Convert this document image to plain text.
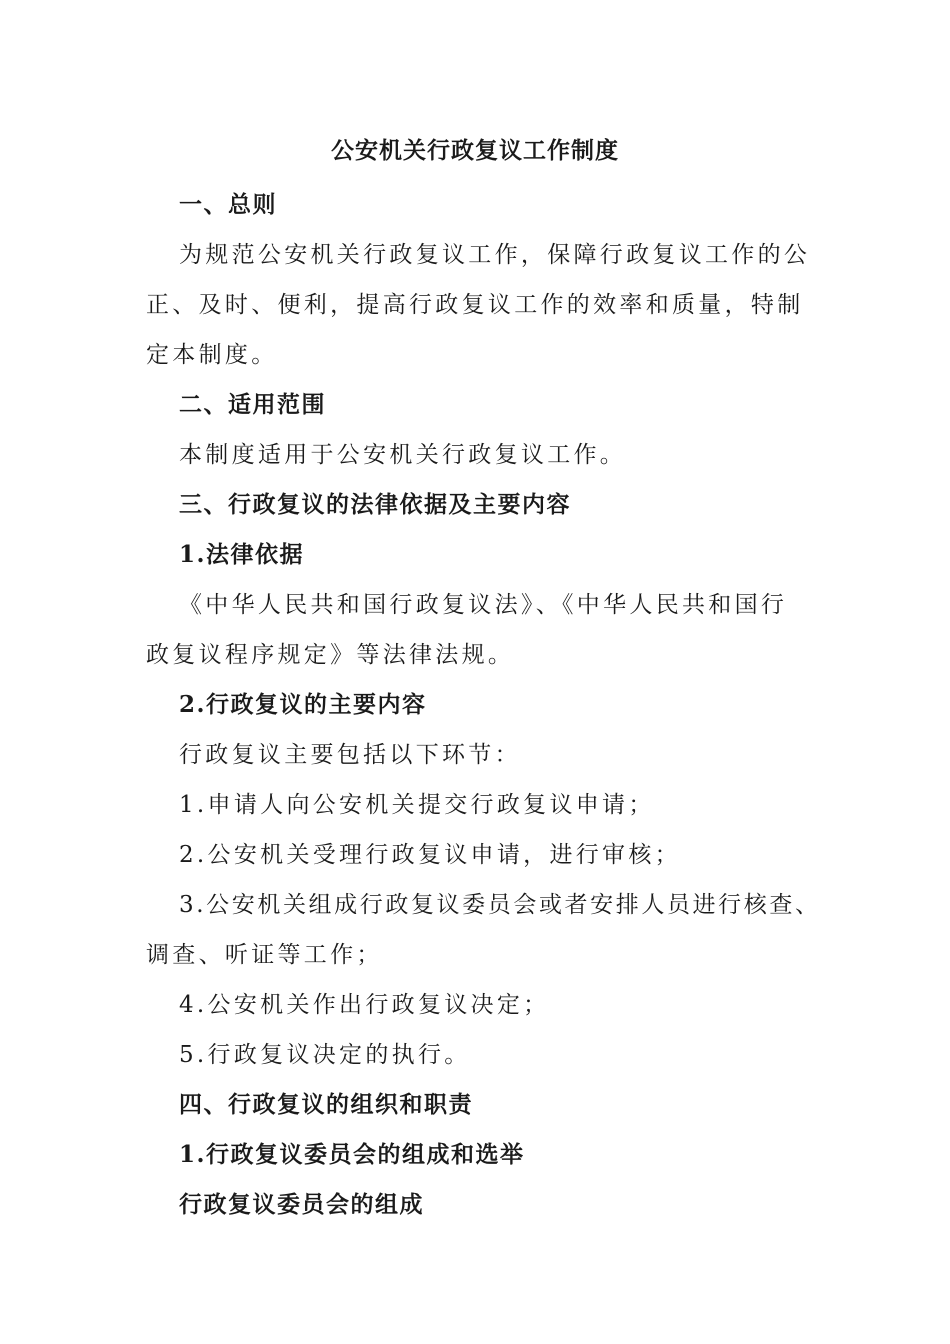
公安机关行政复议工作制度
一、总则
为规范公安机关行政复议工作，保障行政复议工作的公
正、及时、便利，提高行政复议工作的效率和质量，特制
定本制度。
二、适用范围
本制度适用于公安机关行政复议工作。
三、行政复议的法律依据及主要内容
1.法律依据
《中华人民共和国行政复议法》、《中华人民共和国行
政复议程序规定》等法律法规。
2.行政复议的主要内容
行政复议主要包括以下环节：
1.申请人向公安机关提交行政复议申请；
2.公安机关受理行政复议申请，进行审核；
3.公安机关组成行政复议委员会或者安排人员进行核查、
调查、听证等工作；
4.公安机关作出行政复议决定；
5.行政复议决定的执行。
四、行政复议的组织和职责
1.行政复议委员会的组成和选举
行政复议委员会的组成
